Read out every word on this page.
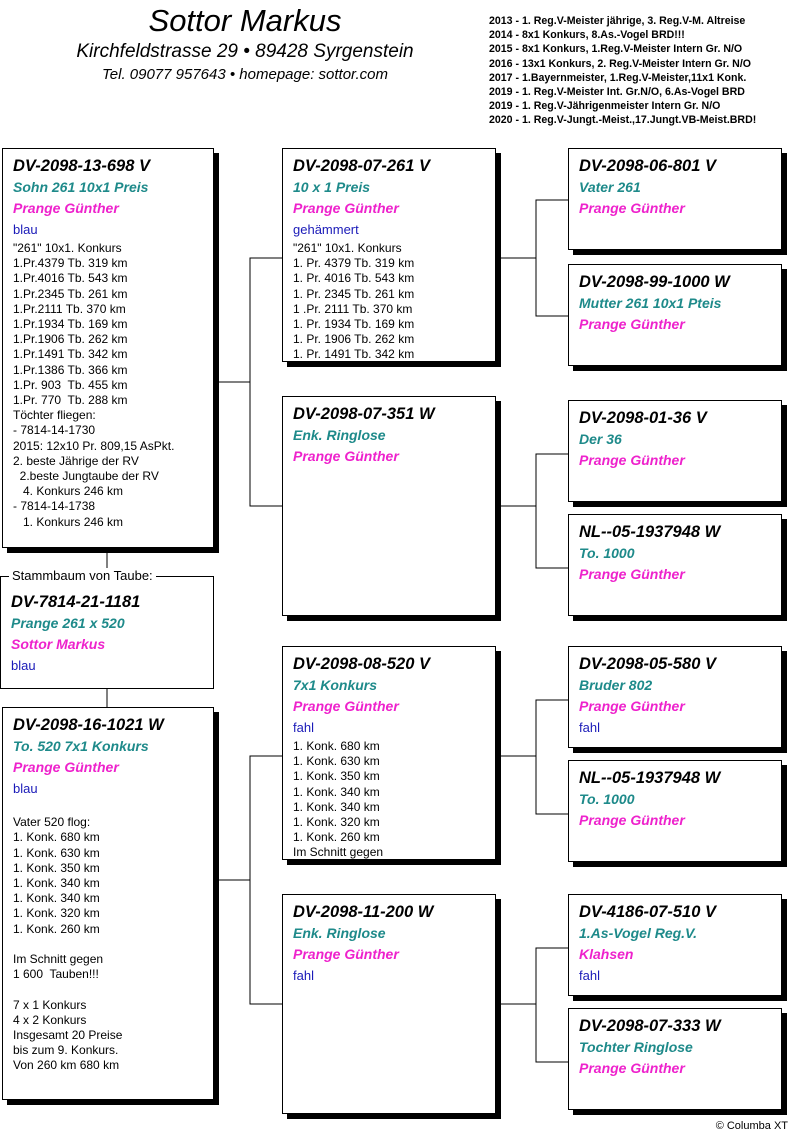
Sottor Markus
Kirchfeldstrasse 29 • 89428 Syrgenstein
Tel. 09077 957643 • homepage: sottor.com
2013 - 1. Reg.V-Meister jährige, 3. Reg.V-M. Altreise
2014 - 8x1 Konkurs, 8.As.-Vogel BRD!!!
2015 - 8x1 Konkurs, 1.Reg.V-Meister Intern Gr. N/O
2016 - 13x1 Konkurs, 2. Reg.V-Meister Intern Gr. N/O
2017 - 1.Bayernmeister, 1.Reg.V-Meister,11x1 Konk.
2019 - 1. Reg.V-Meister Int. Gr.N/O, 6.As-Vogel BRD
2019 - 1. Reg.V-Jährigenmeister Intern Gr. N/O
2020 - 1. Reg.V-Jungt.-Meist.,17.Jungt.VB-Meist.BRD!
DV-2098-13-698 V
Sohn 261 10x1 Preis
Prange Günther
blau
"261" 10x1. Konkurs
1.Pr.4379 Tb. 319 km
1.Pr.4016 Tb. 543 km
1.Pr.2345 Tb. 261 km
1.Pr.2111 Tb. 370 km
1.Pr.1934 Tb. 169 km
1.Pr.1906 Tb. 262 km
1.Pr.1491 Tb. 342 km
1.Pr.1386 Tb. 366 km
1.Pr. 903  Tb. 455 km
1.Pr. 770  Tb. 288 km
Töchter fliegen:
- 7814-14-1730
2015: 12x10 Pr. 809,15 AsPkt.
2. beste Jährige der RV
2.beste Jungtaube der RV
4. Konkurs 246 km
- 7814-14-1738
1. Konkurs 246 km
Stammbaum von Taube:
DV-7814-21-1181
Prange 261 x 520
Sottor Markus
blau
DV-2098-16-1021 W
To. 520 7x1 Konkurs
Prange Günther
blau
Vater 520 flog:
1. Konk. 680 km
1. Konk. 630 km
1. Konk. 350 km
1. Konk. 340 km
1. Konk. 340 km
1. Konk. 320 km
1. Konk. 260 km
Im Schnitt gegen
1 600  Tauben!!!
7 x 1 Konkurs
4 x 2 Konkurs
Insgesamt 20 Preise
bis zum 9. Konkurs.
Von 260 km 680 km
DV-2098-07-261 V
10 x 1 Preis
Prange Günther
gehämmert
"261" 10x1. Konkurs
1. Pr. 4379 Tb. 319 km
1. Pr. 4016 Tb. 543 km
1. Pr. 2345 Tb. 261 km
1 .Pr. 2111 Tb. 370 km
1. Pr. 1934 Tb. 169 km
1. Pr. 1906 Tb. 262 km
1. Pr. 1491 Tb. 342 km
DV-2098-07-351 W
Enk. Ringlose
Prange Günther
DV-2098-08-520 V
7x1 Konkurs
Prange Günther
fahl
1. Konk. 680 km
1. Konk. 630 km
1. Konk. 350 km
1. Konk. 340 km
1. Konk. 340 km
1. Konk. 320 km
1. Konk. 260 km
Im Schnitt gegen
DV-2098-11-200 W
Enk. Ringlose
Prange Günther
fahl
DV-2098-06-801 V
Vater 261
Prange Günther
DV-2098-99-1000 W
Mutter 261 10x1 Pteis
Prange Günther
DV-2098-01-36 V
Der 36
Prange Günther
NL--05-1937948 W
To. 1000
Prange Günther
DV-2098-05-580 V
Bruder 802
Prange Günther
fahl
NL--05-1937948 W
To. 1000
Prange Günther
DV-4186-07-510 V
1.As-Vogel Reg.V.
Klahsen
fahl
DV-2098-07-333 W
Tochter Ringlose
Prange Günther
© Columba XT
